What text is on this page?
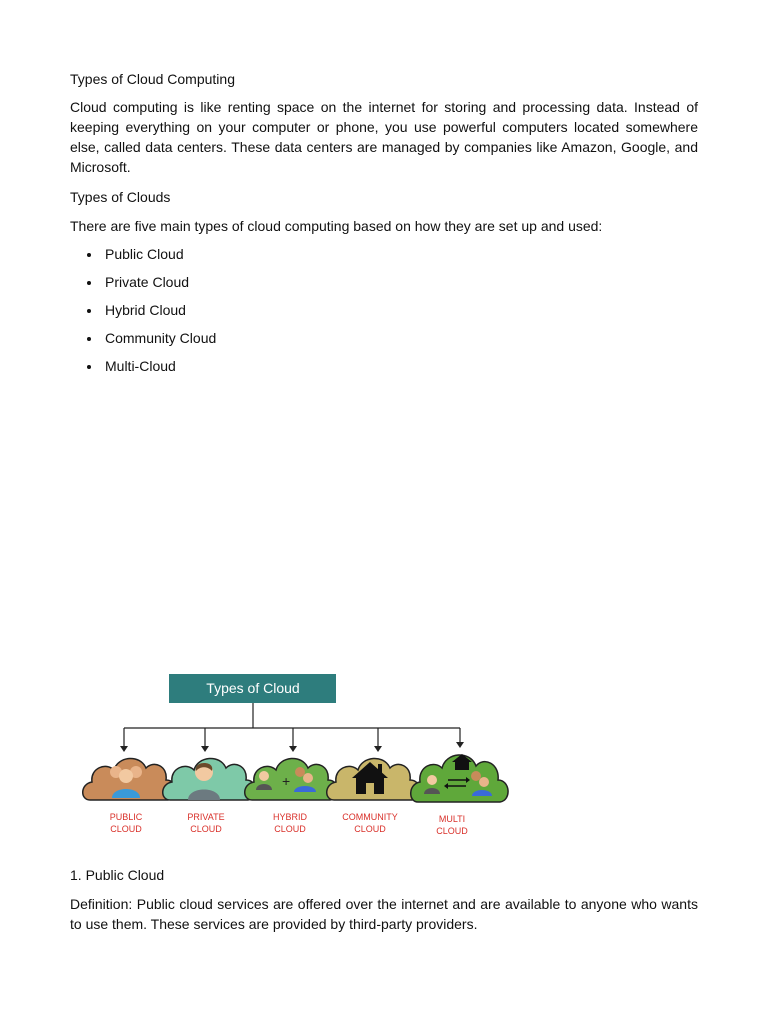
Types of Cloud Computing

Cloud computing is like renting space on the internet for storing and processing data. Instead of keeping everything on your computer or phone, you use powerful computers located somewhere else, called data centers. These data centers are managed by companies like Amazon, Google, and Microsoft.

Types of Clouds

There are five main types of cloud computing based on how they are set up and used:

Public Cloud
Private Cloud
Hybrid Cloud
Community Cloud
Multi-Cloud
Types of Cloud
PUBLIC
CLOUD
PRIVATE
CLOUD
+
HYBRID
CLOUD
COMMUNITY
CLOUD
MULTI
CLOUD

1. Public Cloud

Definition: Public cloud services are offered over the internet and are available to anyone who wants to use them. These services are provided by third-party providers.
